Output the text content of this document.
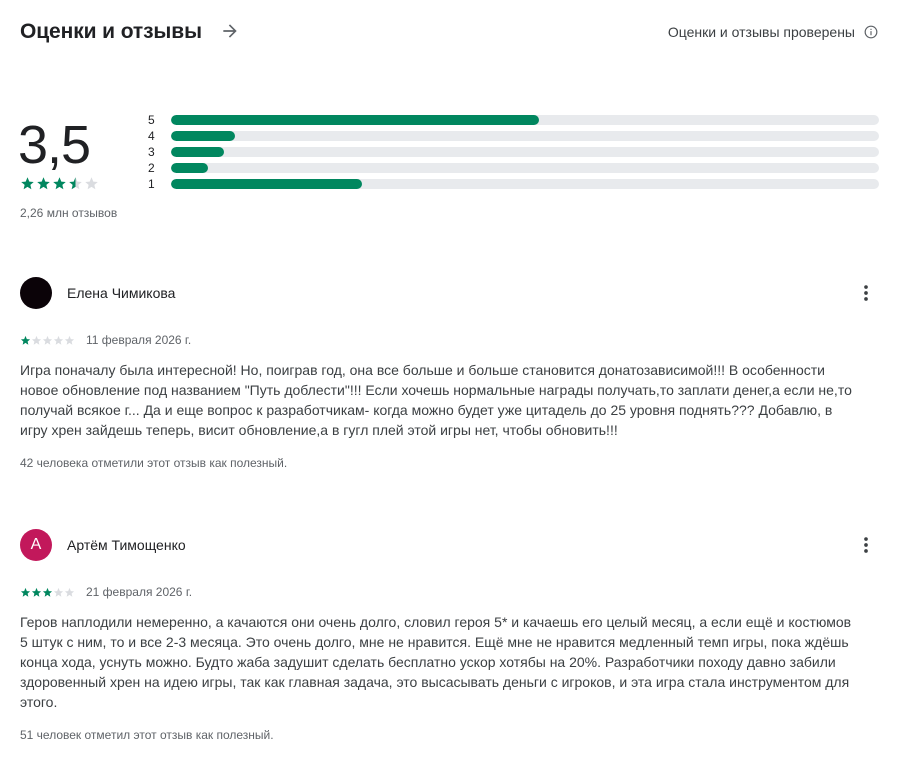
Оценки и отзывы	Оценки и отзывы проверены
3,5
2,26 млн отзывов
5
4
3
2
1
Елена Чимикова
11 февраля 2026 г.
Игра поначалу была интересной! Но, поиграв год, она все больше и больше становится донатозависимой!!! В особенности новое обновление под названием "Путь доблести"!!! Если хочешь нормальные награды получать,то заплати денег,а если не,то получай всякое г... Да и еще вопрос к разработчикам- когда можно будет уже цитадель до 25 уровня поднять??? Добавлю, в игру хрен зайдешь теперь, висит обновление,а в гугл плей этой игры нет, чтобы обновить!!!
42 человека отметили этот отзыв как полезный.
А Артём Тимощенко
21 февраля 2026 г.
Геров наплодили немеренно, а качаются они очень долго, словил героя 5* и качаешь его целый месяц, а если ещё и костюмов 5 штук с ним, то и все 2-3 месяца. Это очень долго, мне не нравится. Ещё мне не нравится медленный темп игры, пока ждёшь конца хода, уснуть можно. Будто жаба задушит сделать бесплатно ускор хотябы на 20%. Разработчики походу давно забили здоровенный хрен на идею игры, так как главная задача, это высасывать деньги с игроков, и эта игра стала инструментом для этого.
51 человек отметил этот отзыв как полезный.
